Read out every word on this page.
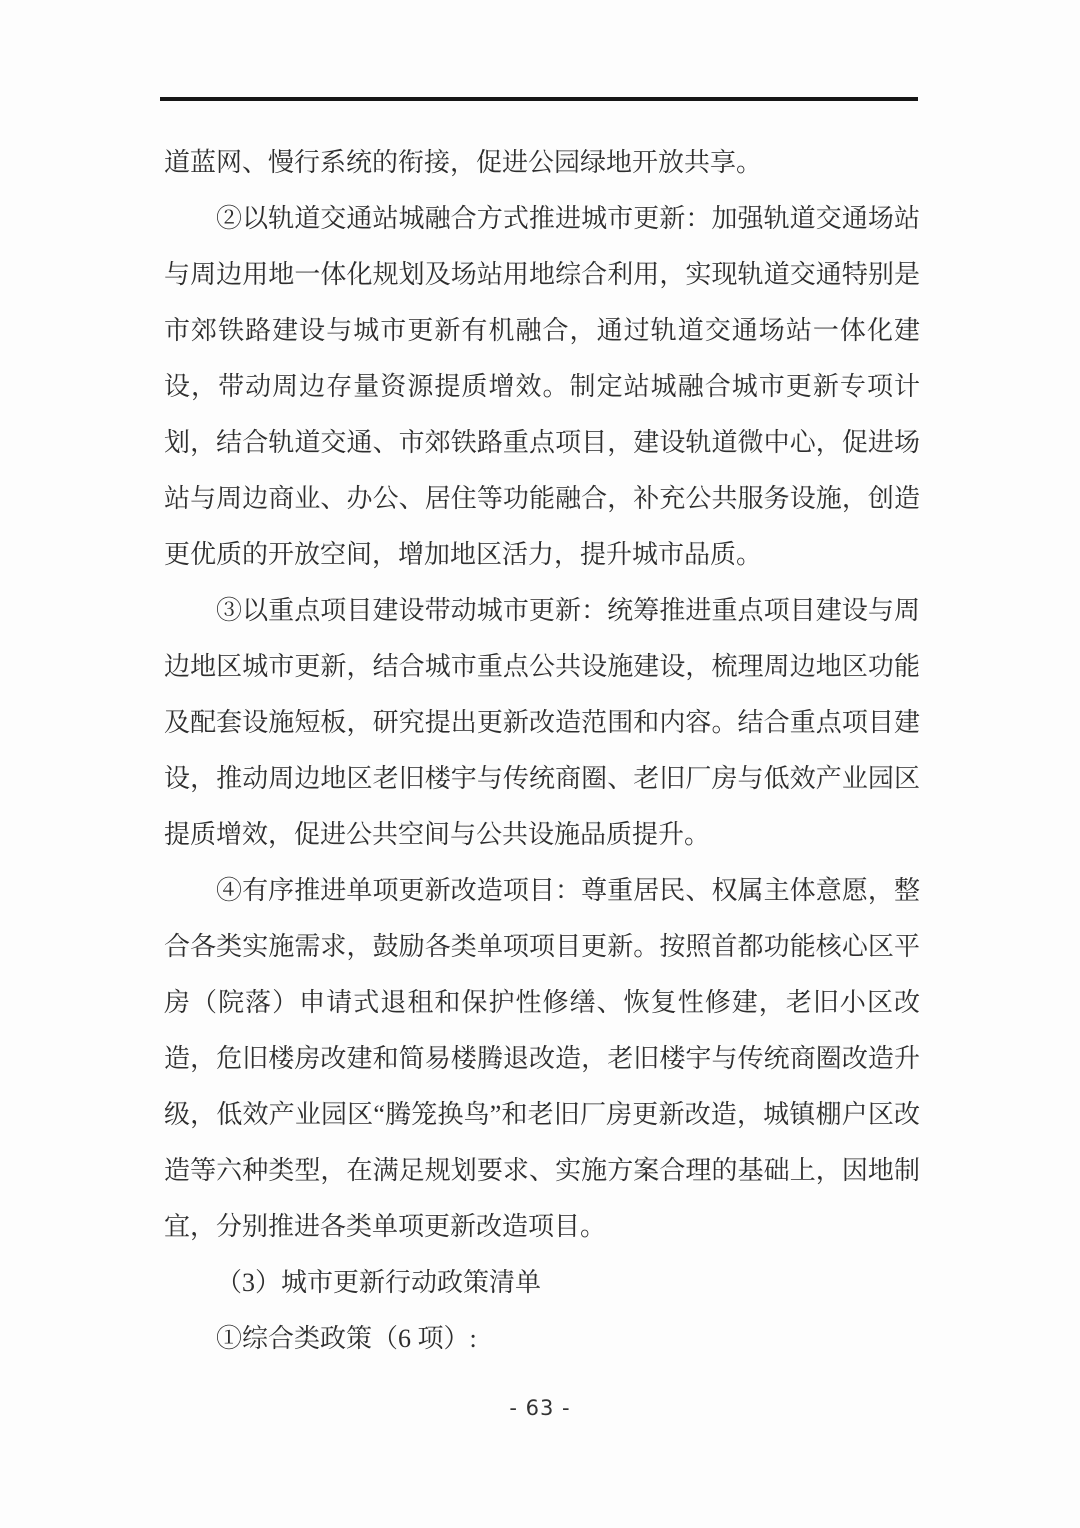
道蓝网、慢行系统的衔接，促进公园绿地开放共享。

②以轨道交通站城融合方式推进城市更新：加强轨道交通场站与周边用地一体化规划及场站用地综合利用，实现轨道交通特别是市郊铁路建设与城市更新有机融合，通过轨道交通场站一体化建设，带动周边存量资源提质增效。制定站城融合城市更新专项计划，结合轨道交通、市郊铁路重点项目，建设轨道微中心，促进场站与周边商业、办公、居住等功能融合，补充公共服务设施，创造更优质的开放空间，增加地区活力，提升城市品质。

③以重点项目建设带动城市更新：统筹推进重点项目建设与周边地区城市更新，结合城市重点公共设施建设，梳理周边地区功能及配套设施短板，研究提出更新改造范围和内容。结合重点项目建设，推动周边地区老旧楼宇与传统商圈、老旧厂房与低效产业园区提质增效，促进公共空间与公共设施品质提升。

④有序推进单项更新改造项目：尊重居民、权属主体意愿，整合各类实施需求，鼓励各类单项项目更新。按照首都功能核心区平房（院落）申请式退租和保护性修缮、恢复性修建，老旧小区改造，危旧楼房改建和简易楼腾退改造，老旧楼宇与传统商圈改造升级，低效产业园区“腾笼换鸟”和老旧厂房更新改造，城镇棚户区改造等六种类型，在满足规划要求、实施方案合理的基础上，因地制宜，分别推进各类单项更新改造项目。

（3）城市更新行动政策清单

①综合类政策（6 项）:

- 63 -
